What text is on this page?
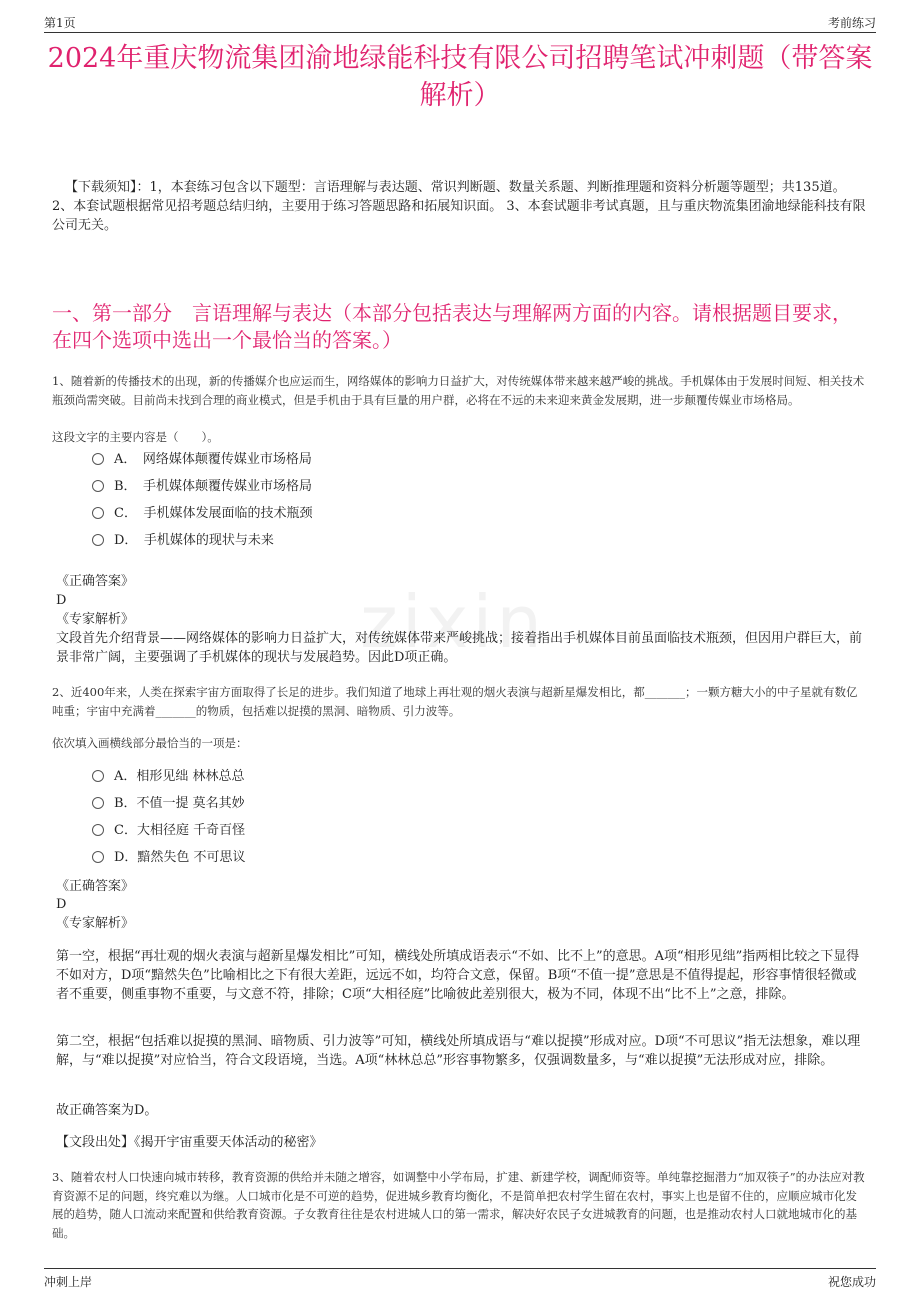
第1页	考前练习
2024年重庆物流集团渝地绿能科技有限公司招聘笔试冲刺题（带答案解析）
【下载须知】：1，本套练习包含以下题型：言语理解与表达题、常识判断题、数量关系题、判断推理题和资料分析题等题型；共135道。 2、本套试题根据常见招考题总结归纳，主要用于练习答题思路和拓展知识面。 3、本套试题非考试真题，且与重庆物流集团渝地绿能科技有限公司无关。
一、第一部分　言语理解与表达（本部分包括表达与理解两方面的内容。请根据题目要求，在四个选项中选出一个最恰当的答案。）
1、随着新的传播技术的出现，新的传播媒介也应运而生，网络媒体的影响力日益扩大，对传统媒体带来越来越严峻的挑战。手机媒体由于发展时间短、相关技术瓶颈尚需突破。目前尚未找到合理的商业模式，但是手机由于具有巨量的用户群，必将在不远的未来迎来黄金发展期，进一步颠覆传媒业市场格局。
这段文字的主要内容是（　　）。
A．　网络媒体颠覆传媒业市场格局
B．　手机媒体颠覆传媒业市场格局
C．　手机媒体发展面临的技术瓶颈
D．　手机媒体的现状与未来
《正确答案》
D
《专家解析》
文段首先介绍背景——网络媒体的影响力日益扩大，对传统媒体带来严峻挑战；接着指出手机媒体目前虽面临技术瓶颈，但因用户群巨大，前景非常广阔，主要强调了手机媒体的现状与发展趋势。因此D项正确。
zixin
2、近400年来，人类在探索宇宙方面取得了长足的进步。我们知道了地球上再壮观的烟火表演与超新星爆发相比，都_______；一颗方糖大小的中子星就有数亿吨重；宇宙中充满着_______的物质，包括难以捉摸的黑洞、暗物质、引力波等。
依次填入画横线部分最恰当的一项是：
A．相形见绌 林林总总
B．不值一提 莫名其妙
C．大相径庭 千奇百怪
D．黯然失色 不可思议
《正确答案》
D
《专家解析》
第一空，根据“再壮观的烟火表演与超新星爆发相比”可知，横线处所填成语表示“不如、比不上”的意思。A项“相形见绌”指两相比较之下显得不如对方，D项“黯然失色”比喻相比之下有很大差距，远远不如，均符合文意，保留。B项“不值一提”意思是不值得提起，形容事情很轻微或者不重要，侧重事物不重要，与文意不符，排除；C项“大相径庭”比喻彼此差别很大，极为不同，体现不出“比不上”之意，排除。
第二空，根据“包括难以捉摸的黑洞、暗物质、引力波等”可知，横线处所填成语与“难以捉摸”形成对应。D项“不可思议”指无法想象，难以理解，与“难以捉摸”对应恰当，符合文段语境，当选。A项“林林总总”形容事物繁多，仅强调数量多，与“难以捉摸”无法形成对应，排除。
故正确答案为D。
【文段出处】《揭开宇宙重要天体活动的秘密》
3、随着农村人口快速向城市转移，教育资源的供给并未随之增容，如调整中小学布局，扩建、新建学校，调配师资等。单纯靠挖掘潜力“加双筷子”的办法应对教育资源不足的问题，终究难以为继。人口城市化是不可逆的趋势，促进城乡教育均衡化，不是简单把农村学生留在农村，事实上也是留不住的，应顺应城市化发展的趋势，随人口流动来配置和供给教育资源。子女教育往往是农村进城人口的第一需求，解决好农民子女进城教育的问题，也是推动农村人口就地城市化的基础。
冲刺上岸	祝您成功
